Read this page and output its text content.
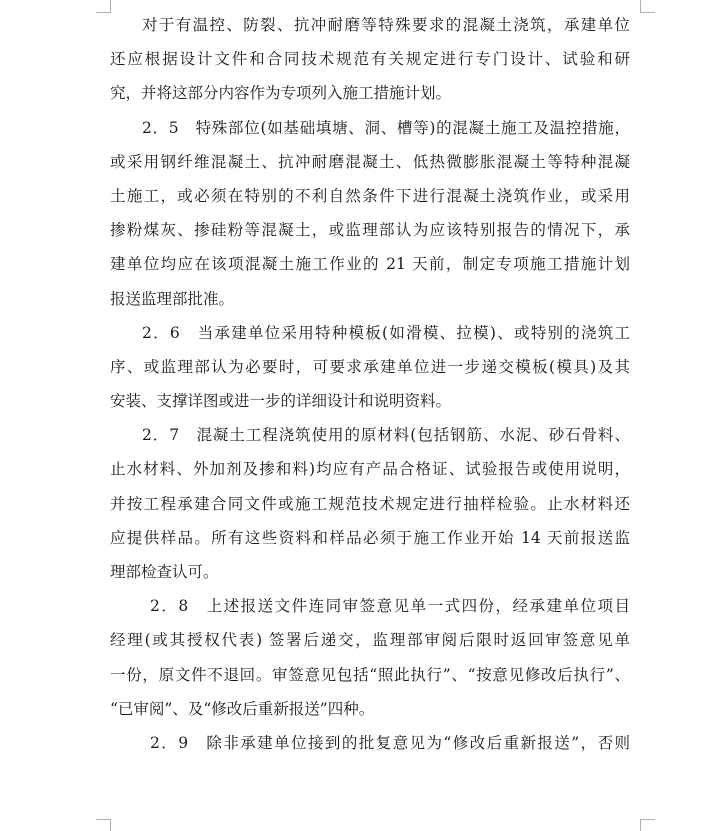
对于有温控、防裂、抗冲耐磨等特殊要求的混凝土浇筑，承建单位
还应根据设计文件和合同技术规范有关规定进行专门设计、试验和研
究，并将这部分内容作为专项列入施工措施计划。
2．5　特殊部位(如基础填塘、洞、槽等)的混凝土施工及温控措施，
或采用钢纤维混凝土、抗冲耐磨混凝土、低热微膨胀混凝土等特种混凝
土施工，或必须在特别的不利自然条件下进行混凝土浇筑作业，或采用
掺粉煤灰、掺硅粉等混凝土，或监理部认为应该特别报告的情况下，承
建单位均应在该项混凝土施工作业的 21 天前，制定专项施工措施计划
报送监理部批准。
2．6　当承建单位采用特种模板(如滑模、拉模)、或特别的浇筑工
序、或监理部认为必要时，可要求承建单位进一步递交模板(模具)及其
安装、支撑详图或进一步的详细设计和说明资料。
2．7　混凝土工程浇筑使用的原材料(包括钢筋、水泥、砂石骨料、
止水材料、外加剂及掺和料)均应有产品合格证、试验报告或使用说明，
并按工程承建合同文件或施工规范技术规定进行抽样检验。止水材料还
应提供样品。所有这些资料和样品必须于施工作业开始 14 天前报送监
理部检查认可。
2．8　上述报送文件连同审签意见单一式四份，经承建单位项目
经理(或其授权代表) 签署后递交，监理部审阅后限时返回审签意见单
一份，原文件不退回。审签意见包括“照此执行”、“按意见修改后执行”、
“已审阅”、及“修改后重新报送”四种。
2．9　除非承建单位接到的批复意见为“修改后重新报送”，否则
